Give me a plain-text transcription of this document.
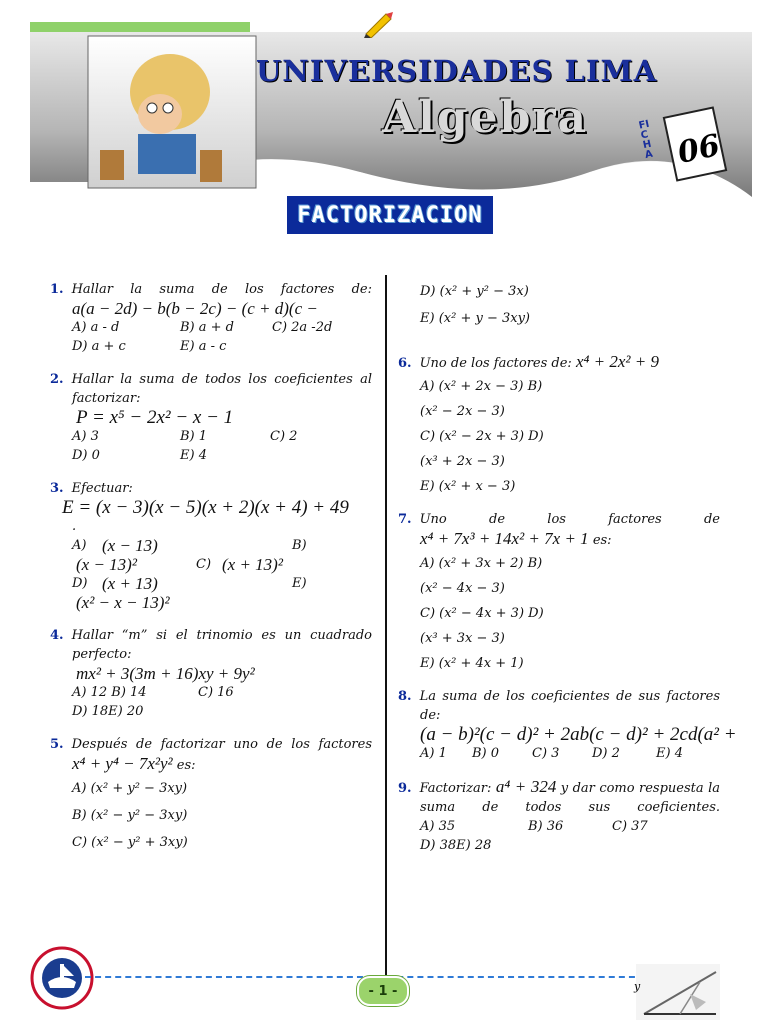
UNIVERSIDADES LIMA
Algebra	FICHA 06
FACTORIZACION
1. Hallar la suma de los factores de:
a(a − 2d) − b(b − 2c) − (c + d)(c −
A) a - d	B) a + d	C) 2a -2d
D) a + c	E) a - c
2. Hallar la suma de todos los coeficientes al factorizar:
P = x⁵ − 2x² − x − 1
A) 3	B) 1	C) 2
D) 0	E) 4
3. Efectuar:
E = (x − 3)(x − 5)(x + 2)(x + 4) + 49
.
A) (x − 13)	B)
(x − 13)²	C) (x + 13)²
D) (x + 13)	E)
(x² − x − 13)²
4. Hallar “m” si el trinomio es un cuadrado perfecto:
mx² + 3(3m + 16)xy + 9y²
A) 12 B) 14	C) 16
D) 18E) 20
5. Después de factorizar uno de los factores
x⁴ + y⁴ − 7x²y² es:
A) (x² + y² − 3xy)
B) (x² − y² − 3xy)
C) (x² − y² + 3xy)
D) (x² + y² − 3x)
E) (x² + y − 3xy)
6. Uno de los factores de: x⁴ + 2x² + 9
A) (x² + 2x − 3) B)
(x² − 2x − 3)
C) (x² − 2x + 3) D)
(x³ + 2x − 3)
E) (x² + x − 3)
7. Uno de los factores de
x⁴ + 7x³ + 14x² + 7x + 1 es:
A) (x² + 3x + 2) B)
(x² − 4x − 3)
C) (x² − 4x + 3) D)
(x³ + 3x − 3)
E) (x² + 4x + 1)
8. La suma de los coeficientes de sus factores de:
(a − b)²(c − d)² + 2ab(c − d)² + 2cd(a² +
A) 1	B) 0	C) 3	D) 2	E) 4
9. Factorizar: a⁴ + 324 y dar como respuesta la suma de todos sus coeficientes.
A) 35	B) 36	C) 37
D) 38E) 28
- 1 -	y
